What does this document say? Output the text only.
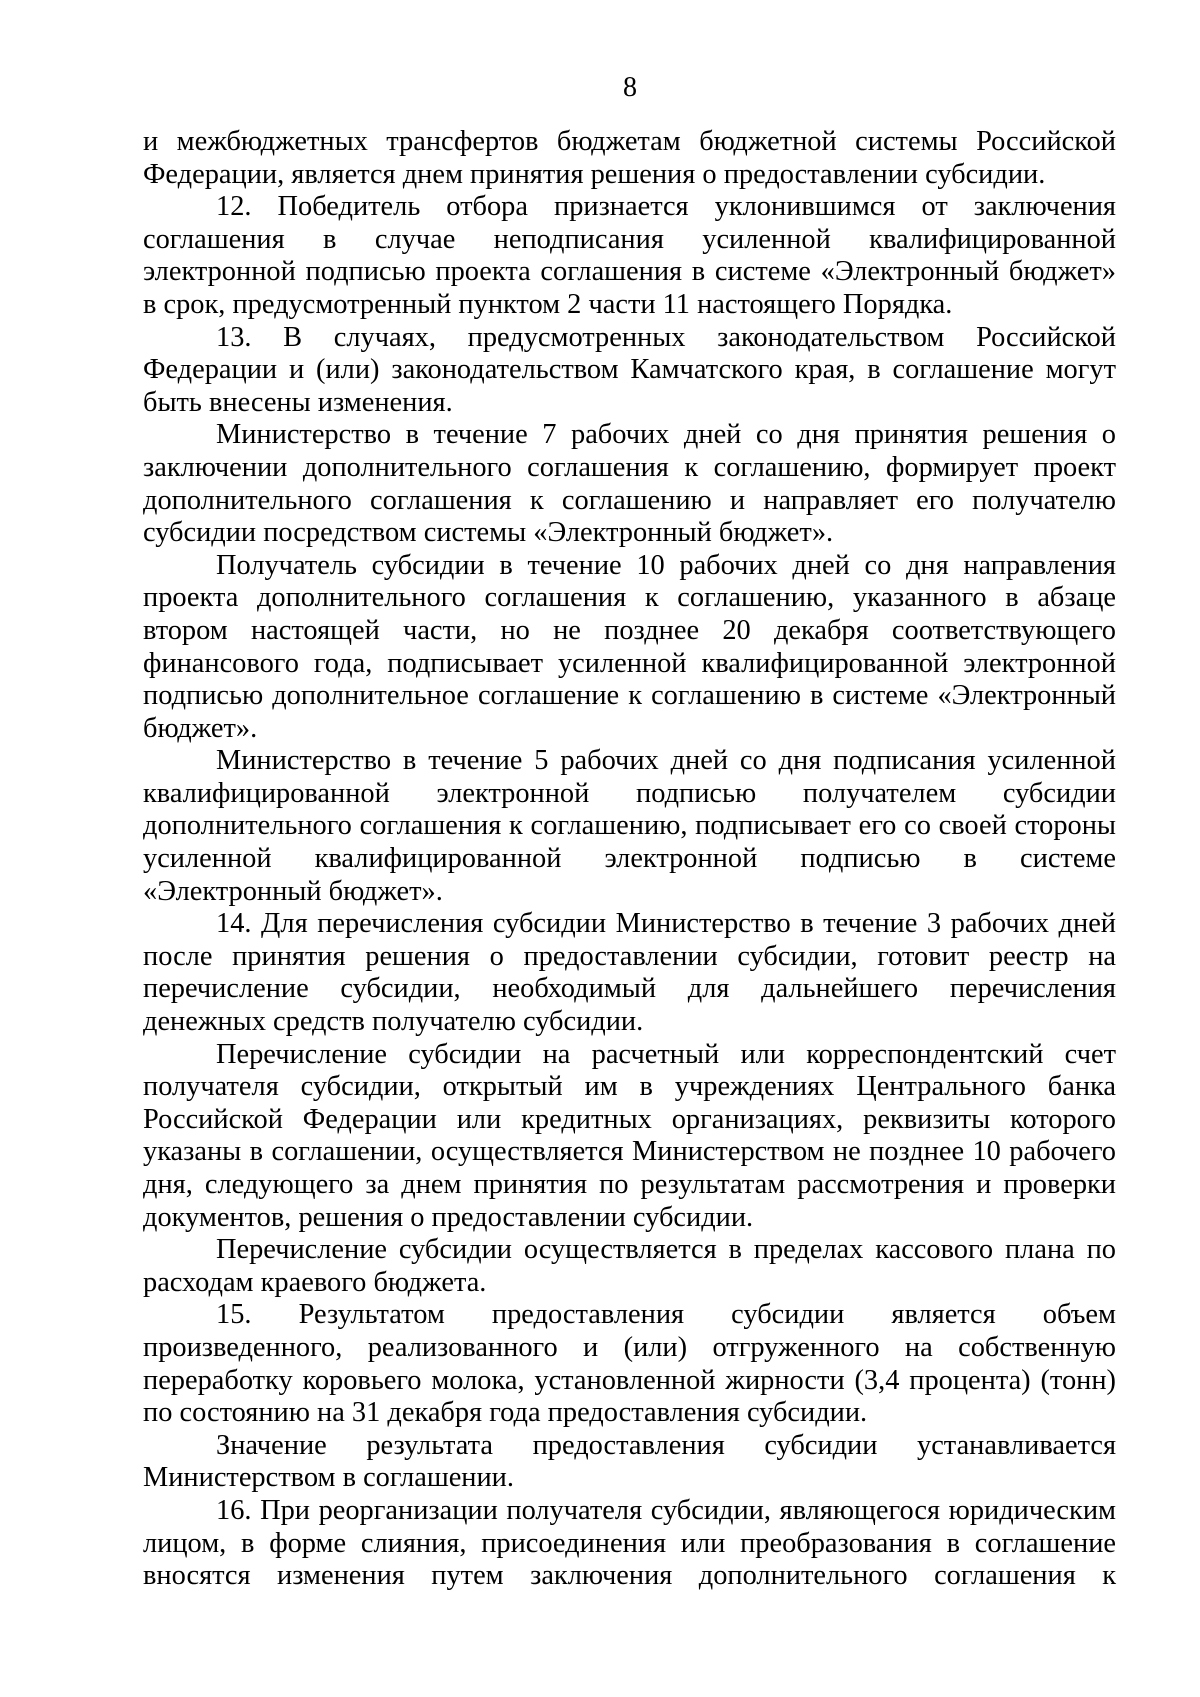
8

и межбюджетных трансфертов бюджетам бюджетной системы Российской Федерации, является днем принятия решения о предоставлении субсидии.

12. Победитель отбора признается уклонившимся от заключения соглашения в случае неподписания усиленной квалифицированной электронной подписью проекта соглашения в системе «Электронный бюджет» в срок, предусмотренный пунктом 2 части 11 настоящего Порядка.

13. В случаях, предусмотренных законодательством Российской Федерации и (или) законодательством Камчатского края, в соглашение могут быть внесены изменения.

Министерство в течение 7 рабочих дней со дня принятия решения о заключении дополнительного соглашения к соглашению, формирует проект дополнительного соглашения к соглашению и направляет его получателю субсидии посредством системы «Электронный бюджет».

Получатель субсидии в течение 10 рабочих дней со дня направления проекта дополнительного соглашения к соглашению, указанного в абзаце втором настоящей части, но не позднее 20 декабря соответствующего финансового года, подписывает усиленной квалифицированной электронной подписью дополнительное соглашение к соглашению в системе «Электронный бюджет».

Министерство в течение 5 рабочих дней со дня подписания усиленной квалифицированной электронной подписью получателем субсидии дополнительного соглашения к соглашению, подписывает его со своей стороны усиленной квалифицированной электронной подписью в системе «Электронный бюджет».

14. Для перечисления субсидии Министерство в течение 3 рабочих дней после принятия решения о предоставлении субсидии, готовит реестр на перечисление субсидии, необходимый для дальнейшего перечисления денежных средств получателю субсидии.

Перечисление субсидии на расчетный или корреспондентский счет получателя субсидии, открытый им в учреждениях Центрального банка Российской Федерации или кредитных организациях, реквизиты которого указаны в соглашении, осуществляется Министерством не позднее 10 рабочего дня, следующего за днем принятия по результатам рассмотрения и проверки документов, решения о предоставлении субсидии.

Перечисление субсидии осуществляется в пределах кассового плана по расходам краевого бюджета.

15. Результатом предоставления субсидии является объем произведенного, реализованного и (или) отгруженного на собственную переработку коровьего молока, установленной жирности (3,4 процента) (тонн) по состоянию на 31 декабря года предоставления субсидии.

Значение результата предоставления субсидии устанавливается Министерством в соглашении.

16. При реорганизации получателя субсидии, являющегося юридическим лицом, в форме слияния, присоединения или преобразования в соглашение вносятся изменения путем заключения дополнительного соглашения к
